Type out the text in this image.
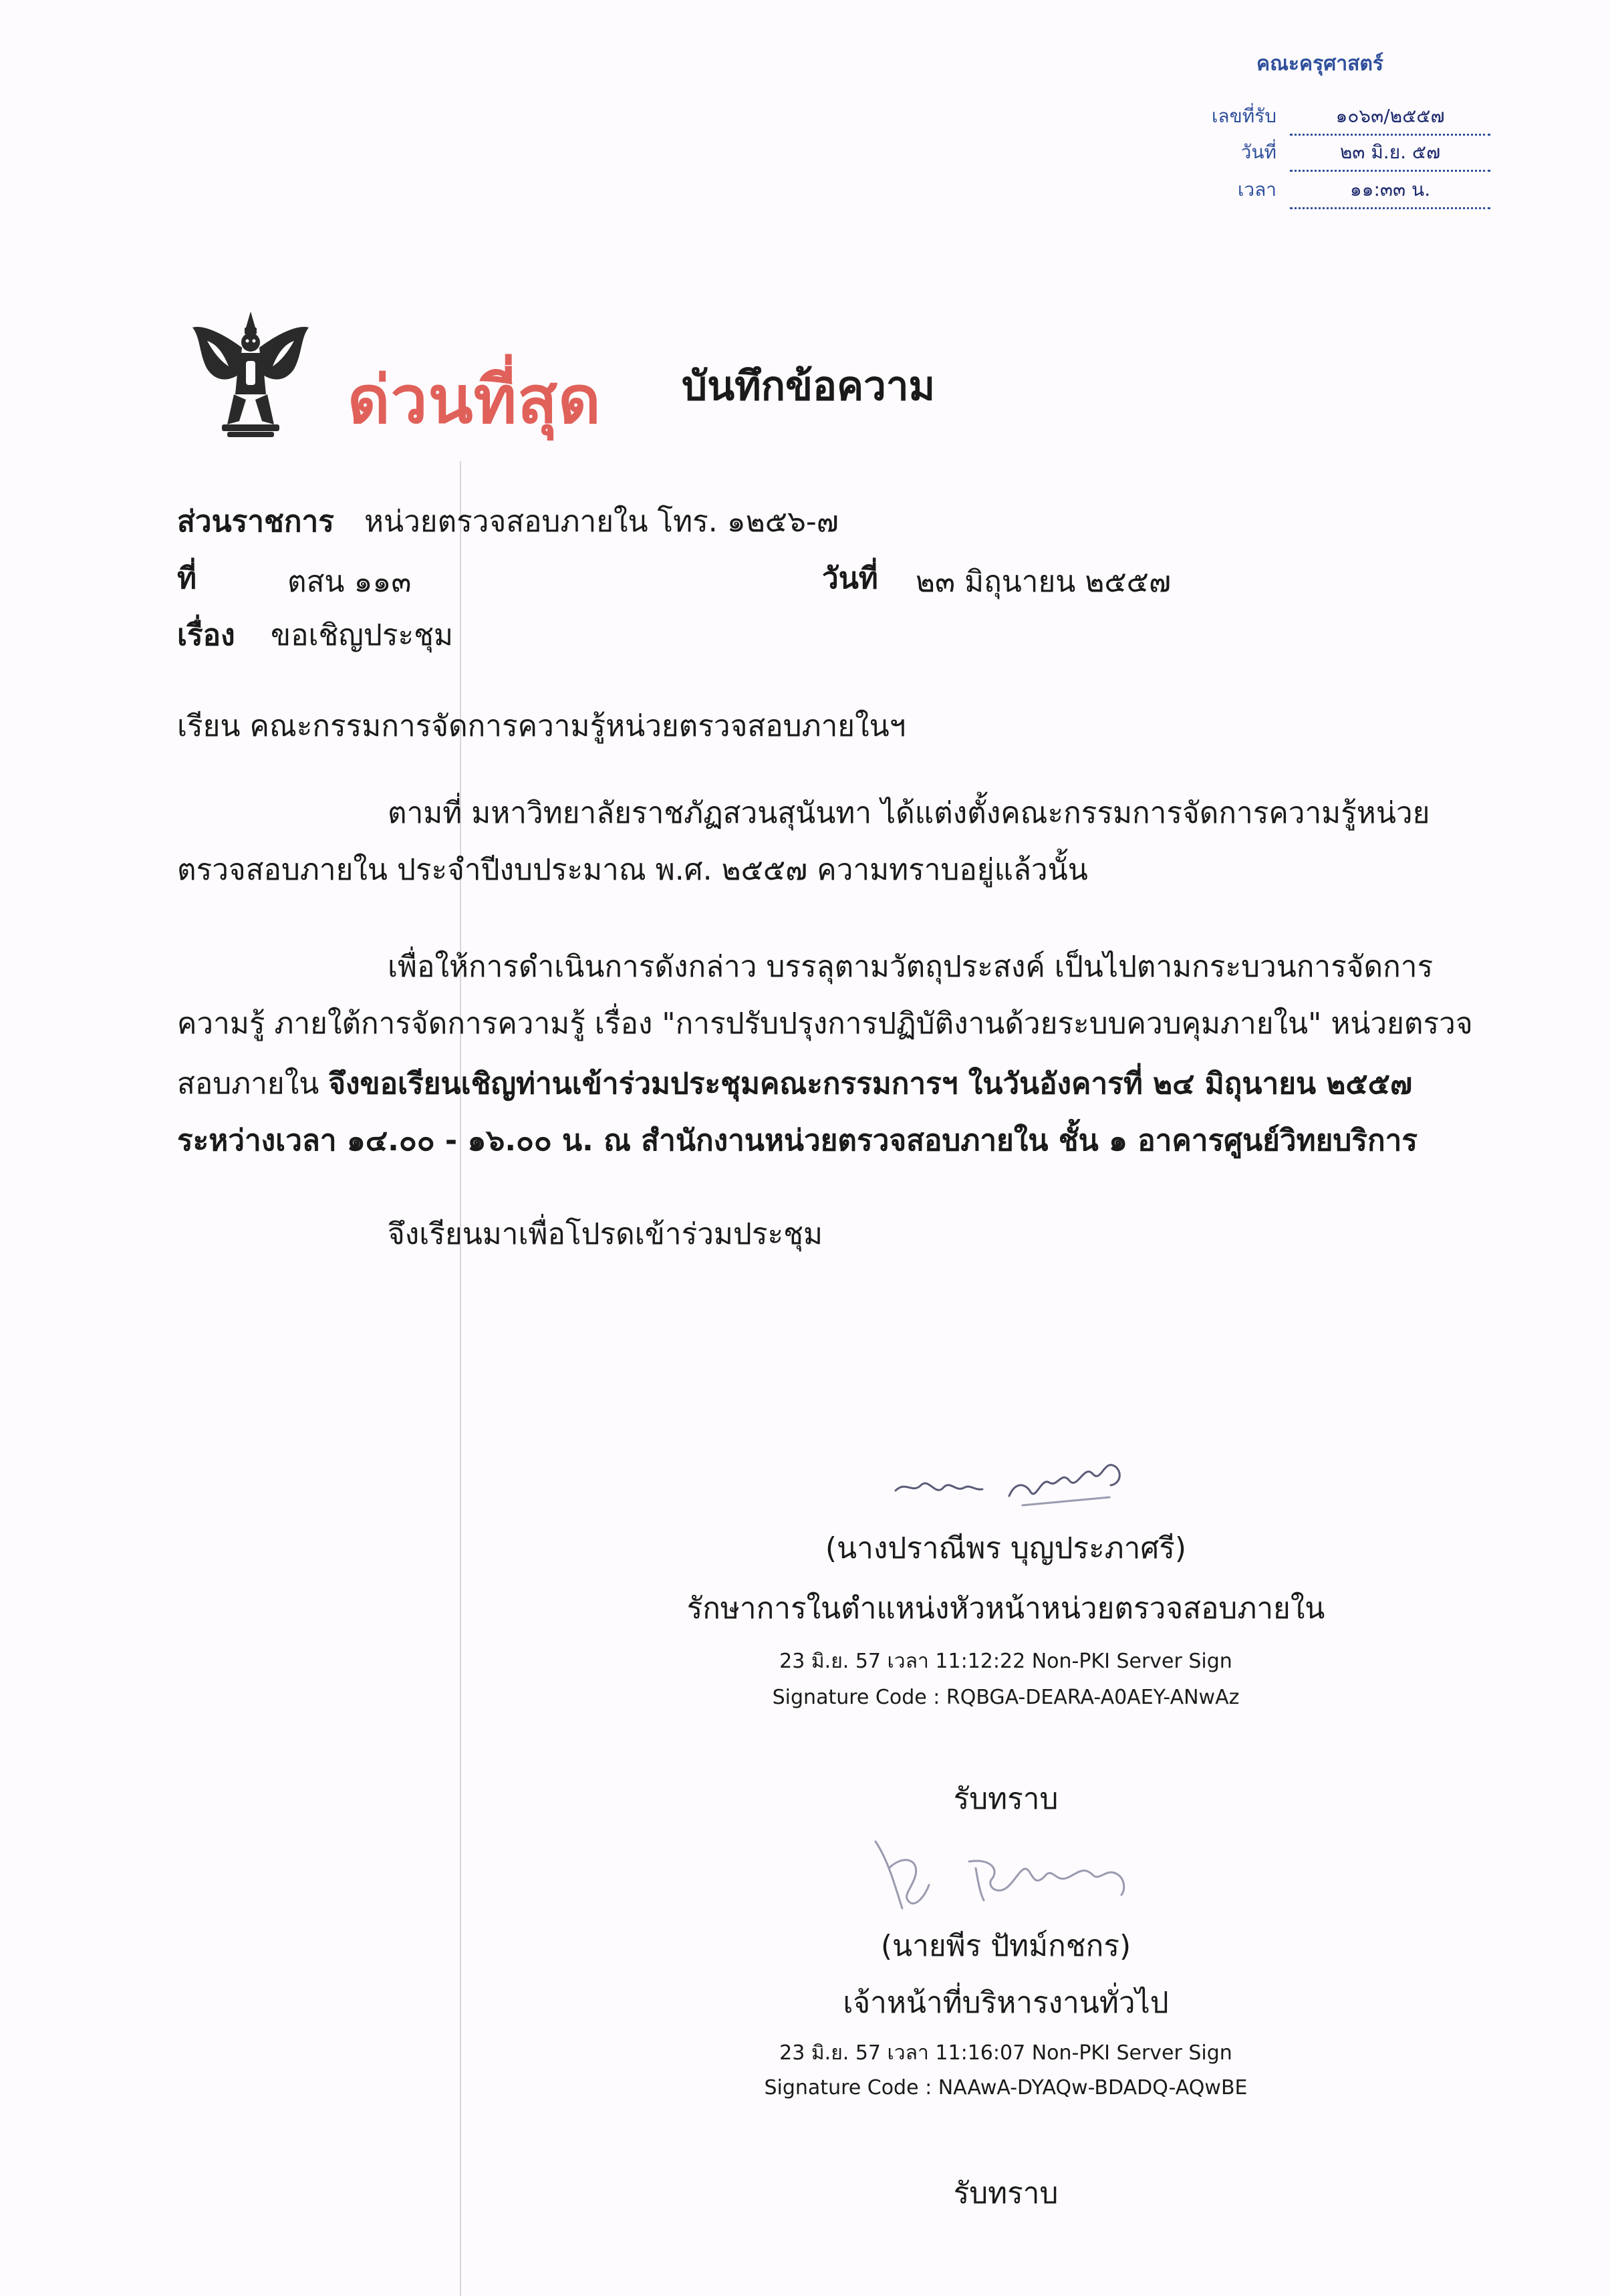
คณะครุศาสตร์
เลขที่รับ	๑๐๖๓/๒๕๕๗
วันที่	๒๓ มิ.ย. ๕๗
เวลา	๑๑:๓๓ น.
ด่วนที่สุด บันทึกข้อความ
ส่วนราชการ หน่วยตรวจสอบภายใน โทร. ๑๒๕๖-๗
ที่	ตสน ๑๑๓	วันที่ ๒๓ มิถุนายน ๒๕๕๗
เรื่อง ขอเชิญประชุม
เรียน คณะกรรมการจัดการความรู้หน่วยตรวจสอบภายในฯ
ตามที่ มหาวิทยาลัยราชภัฏสวนสุนันทา ได้แต่งตั้งคณะกรรมการจัดการความรู้หน่วย
ตรวจสอบภายใน ประจำปีงบประมาณ พ.ศ. ๒๕๕๗ ความทราบอยู่แล้วนั้น
เพื่อให้การดำเนินการดังกล่าว บรรลุตามวัตถุประสงค์ เป็นไปตามกระบวนการจัดการ
ความรู้ ภายใต้การจัดการความรู้ เรื่อง "การปรับปรุงการปฏิบัติงานด้วยระบบควบคุมภายใน" หน่วยตรวจ
สอบภายใน จึงขอเรียนเชิญท่านเข้าร่วมประชุมคณะกรรมการฯ ในวันอังคารที่ ๒๔ มิถุนายน ๒๕๕๗
ระหว่างเวลา ๑๔.๐๐ - ๑๖.๐๐ น. ณ สำนักงานหน่วยตรวจสอบภายใน ชั้น ๑ อาคารศูนย์วิทยบริการ
จึงเรียนมาเพื่อโปรดเข้าร่วมประชุม
(นางปราณีพร บุญประภาศรี)
รักษาการในตำแหน่งหัวหน้าหน่วยตรวจสอบภายใน
23 มิ.ย. 57 เวลา 11:12:22 Non-PKI Server Sign
Signature Code : RQBGA-DEARA-A0AEY-ANwAz
รับทราบ
(นายพีร ปัทม์กชกร)
เจ้าหน้าที่บริหารงานทั่วไป
23 มิ.ย. 57 เวลา 11:16:07 Non-PKI Server Sign
Signature Code : NAAwA-DYAQw-BDADQ-AQwBE
รับทราบ
